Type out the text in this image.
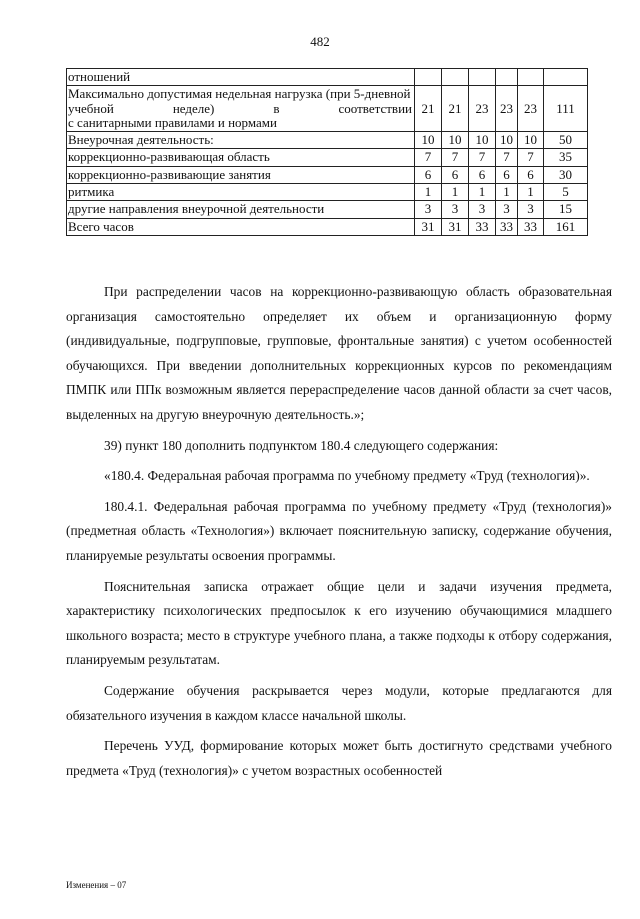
482
отношений						
Максимально допустимая недельная нагрузка (при 5-дневной учебной неделе) в соответствии
с санитарными правилами и нормами	21	21	23	23	23	111
Внеурочная деятельность:	10	10	10	10	10	50
коррекционно-развивающая область	7	7	7	7	7	35
коррекционно-развивающие занятия	6	6	6	6	6	30
ритмика	1	1	1	1	1	5
другие направления внеурочной деятельности	3	3	3	3	3	15
Всего часов	31	31	33	33	33	161

При распределении часов на коррекционно-развивающую область образовательная организация самостоятельно определяет их объем и организационную форму (индивидуальные, подгрупповые, групповые, фронтальные занятия) с учетом особенностей обучающихся. При введении дополнительных коррекционных курсов по рекомендациям ПМПК или ППк возможным является перераспределение часов данной области за счет часов, выделенных на другую внеурочную деятельность.»;

39) пункт 180 дополнить подпунктом 180.4 следующего содержания:

«180.4. Федеральная рабочая программа по учебному предмету «Труд (технология)».

180.4.1. Федеральная рабочая программа по учебному предмету «Труд (технология)» (предметная область «Технология») включает пояснительную записку, содержание обучения, планируемые результаты освоения программы.

Пояснительная записка отражает общие цели и задачи изучения предмета, характеристику психологических предпосылок к его изучению обучающимися младшего школьного возраста; место в структуре учебного плана, а также подходы к отбору содержания, планируемым результатам.

Содержание обучения раскрывается через модули, которые предлагаются для обязательного изучения в каждом классе начальной школы.

Перечень УУД, формирование которых может быть достигнуто средствами учебного предмета «Труд (технология)» с учетом возрастных особенностей

Изменения – 07
